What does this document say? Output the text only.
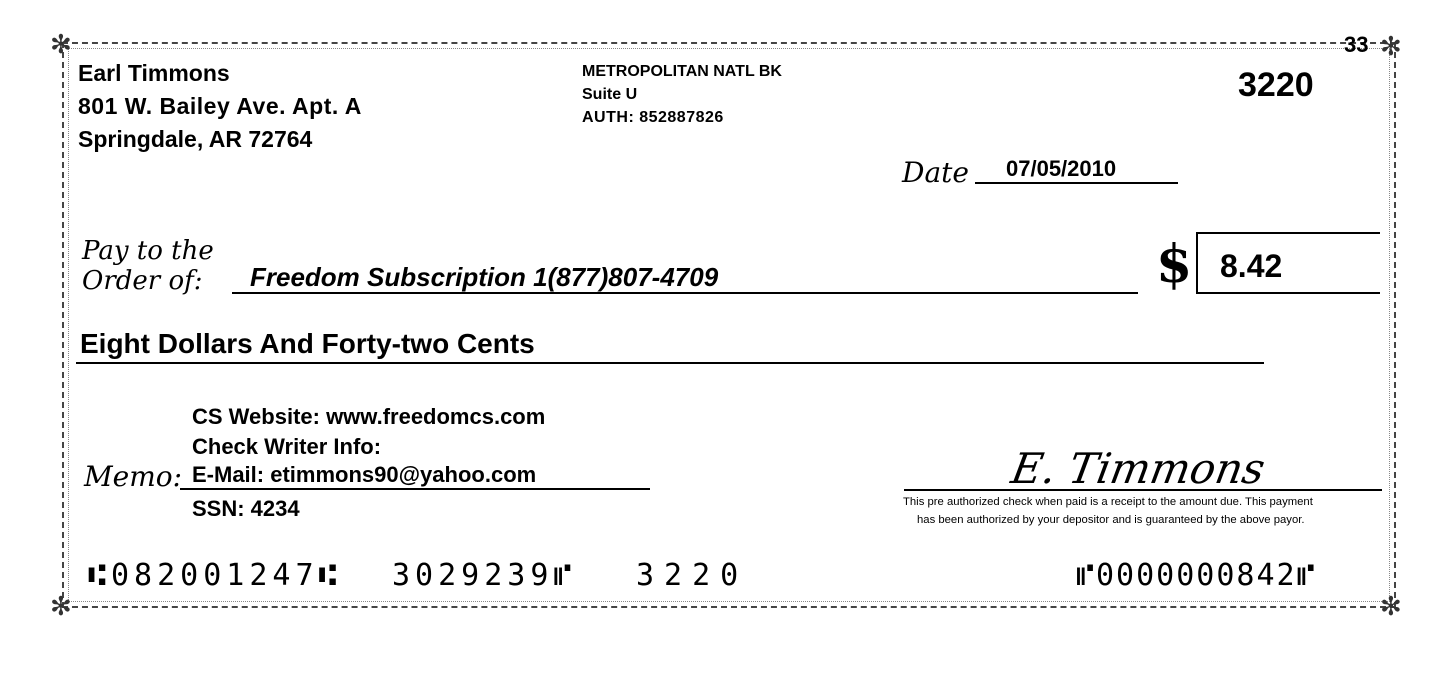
✻	✻
✻	✻
33
Earl Timmons
801 W. Bailey Ave. Apt. A
Springdale, AR 72764
METROPOLITAN NATL BK
Suite U
AUTH: 852887826
3220
Date 07/05/2010
Pay to the
Order of: Freedom Subscription 1(877)807-4709	$ 8.42
Eight Dollars And Forty-two Cents
CS Website: www.freedomcs.com
Check Writer Info:
Memo: E-Mail: etimmons90@yahoo.com
SSN: 4234
E. Timmons
This pre authorized check when paid is a receipt to the amount due. This payment
has been authorized by your depositor and is guaranteed by the above payor.
⑆082001247⑆ 3029239⑈ 3220	⑈0000000842⑈
